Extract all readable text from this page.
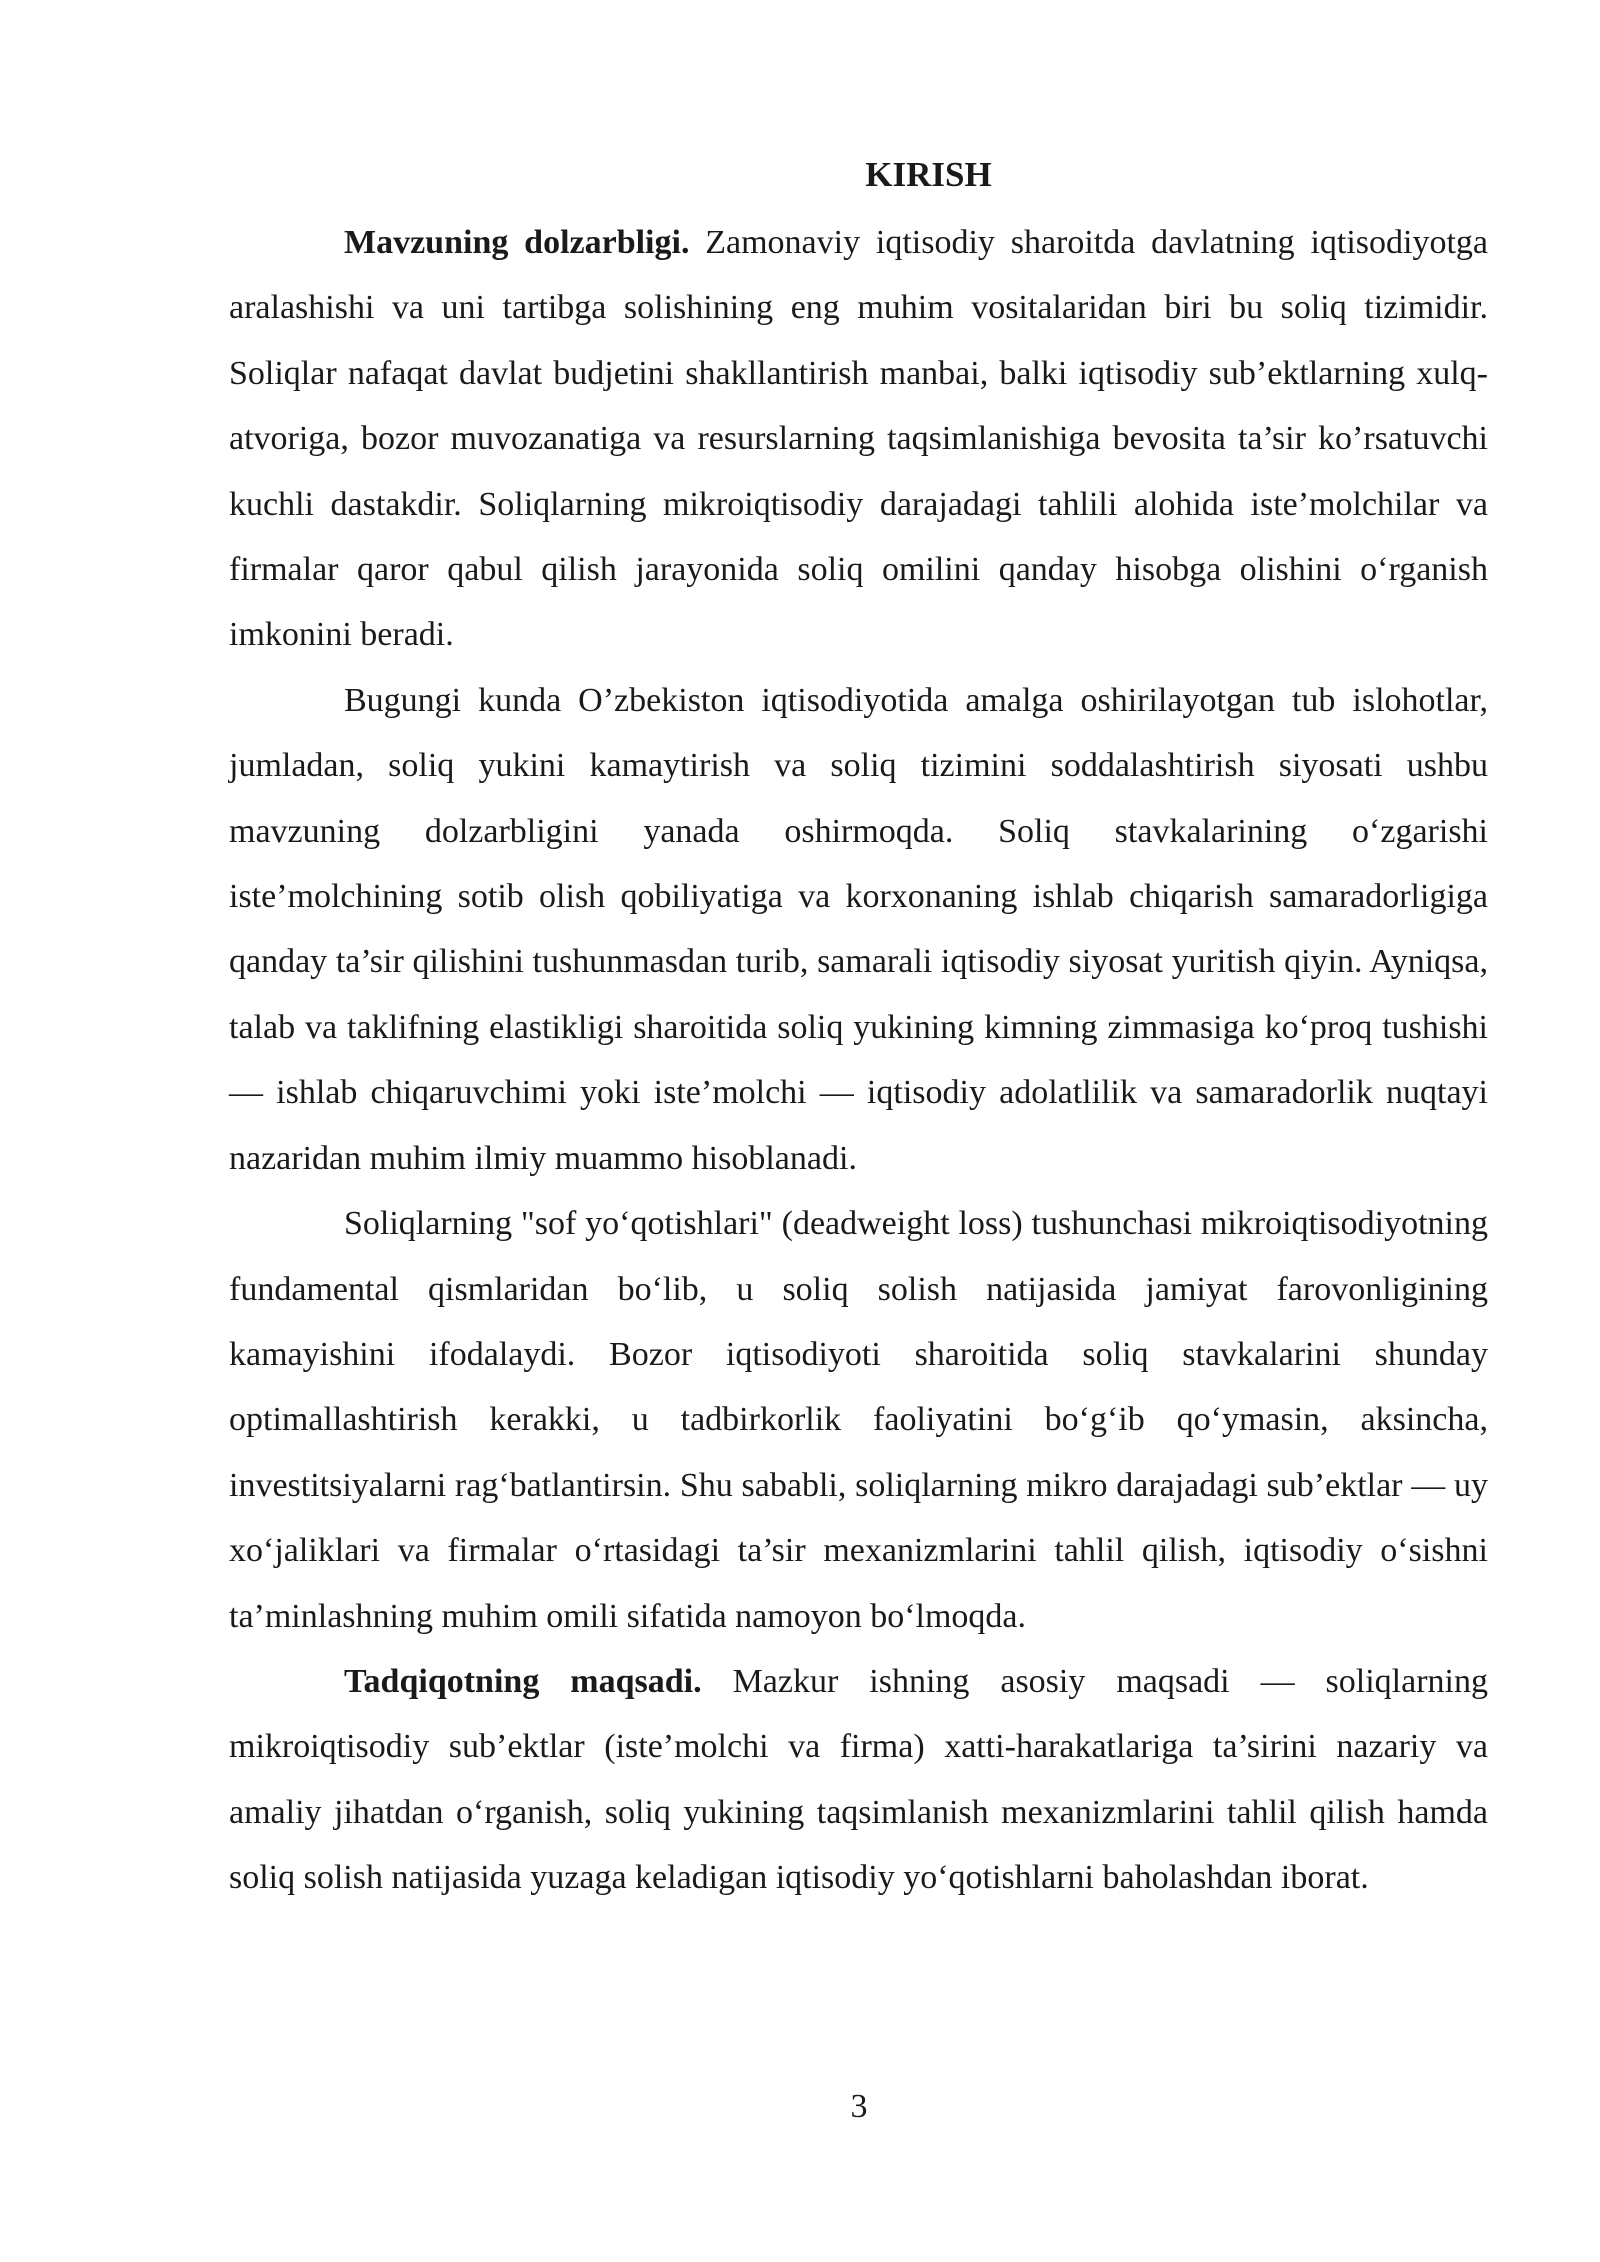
KIRISH

Mavzuning dolzarbligi. Zamonaviy iqtisodiy sharoitda davlatning iqtisodiyotga aralashishi va uni tartibga solishining eng muhim vositalaridan biri bu soliq tizimidir. Soliqlar nafaqat davlat budjetini shakllantirish manbai, balki iqtisodiy sub’ektlarning xulq-atvoriga, bozor muvozanatiga va resurslarning taqsimlanishiga bevosita ta’sir ko’rsatuvchi kuchli dastakdir. Soliqlarning mikroiqtisodiy darajadagi tahlili alohida iste’molchilar va firmalar qaror qabul qilish jarayonida soliq omilini qanday hisobga olishini o‘rganish imkonini beradi.

Bugungi kunda O’zbekiston iqtisodiyotida amalga oshirilayotgan tub islohotlar, jumladan, soliq yukini kamaytirish va soliq tizimini soddalashtirish siyosati ushbu mavzuning dolzarbligini yanada oshirmoqda. Soliq stavkalarining o‘zgarishi iste’molchining sotib olish qobiliyatiga va korxonaning ishlab chiqarish samaradorligiga qanday ta’sir qilishini tushunmasdan turib, samarali iqtisodiy siyosat yuritish qiyin. Ayniqsa, talab va taklifning elastikligi sharoitida soliq yukining kimning zimmasiga ko‘proq tushishi — ishlab chiqaruvchimi yoki iste’molchi — iqtisodiy adolatlilik va samaradorlik nuqtayi nazaridan muhim ilmiy muammo hisoblanadi.

Soliqlarning "sof yo‘qotishlari" (deadweight loss) tushunchasi mikroiqtisodiyotning fundamental qismlaridan bo‘lib, u soliq solish natijasida jamiyat farovonligining kamayishini ifodalaydi. Bozor iqtisodiyoti sharoitida soliq stavkalarini shunday optimallashtirish kerakki, u tadbirkorlik faoliyatini bo‘g‘ib qo‘ymasin, aksincha, investitsiyalarni rag‘batlantirsin. Shu sababli, soliqlarning mikro darajadagi sub’ektlar — uy xo‘jaliklari va firmalar o‘rtasidagi ta’sir mexanizmlarini tahlil qilish, iqtisodiy o‘sishni ta’minlashning muhim omili sifatida namoyon bo‘lmoqda.

Tadqiqotning maqsadi. Mazkur ishning asosiy maqsadi — soliqlarning mikroiqtisodiy sub’ektlar (iste’molchi va firma) xatti-harakatlariga ta’sirini nazariy va amaliy jihatdan o‘rganish, soliq yukining taqsimlanish mexanizmlarini tahlil qilish hamda soliq solish natijasida yuzaga keladigan iqtisodiy yo‘qotishlarni baholashdan iborat.

3
